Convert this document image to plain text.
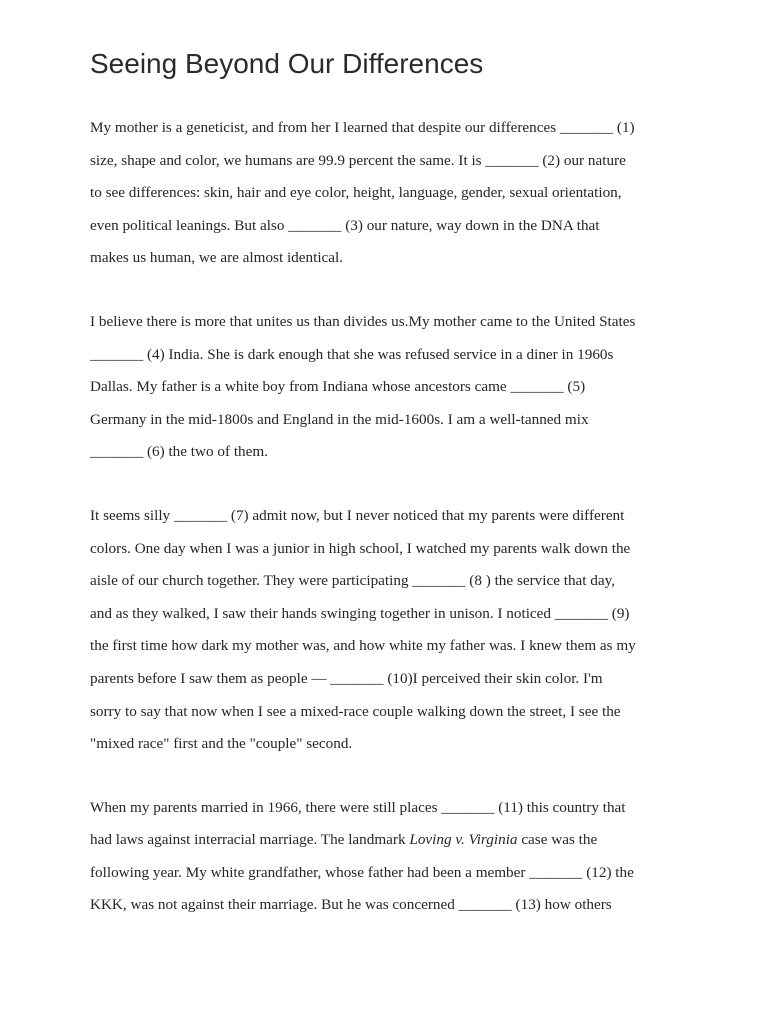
Seeing Beyond Our Differences

My mother is a geneticist, and from her I learned that despite our differences _______ (1)
size, shape and color, we humans are 99.9 percent the same. It is _______ (2) our nature
to see differences: skin, hair and eye color, height, language, gender, sexual orientation,
even political leanings. But also _______ (3) our nature, way down in the DNA that
makes us human, we are almost identical.

I believe there is more that unites us than divides us.My mother came to the United States
_______ (4) India. She is dark enough that she was refused service in a diner in 1960s
Dallas. My father is a white boy from Indiana whose ancestors came _______ (5)
Germany in the mid-1800s and England in the mid-1600s. I am a well-tanned mix
_______ (6) the two of them.

It seems silly _______ (7) admit now, but I never noticed that my parents were different
colors. One day when I was a junior in high school, I watched my parents walk down the
aisle of our church together. They were participating _______ (8 ) the service that day,
and as they walked, I saw their hands swinging together in unison. I noticed _______ (9)
the first time how dark my mother was, and how white my father was. I knew them as my
parents before I saw them as people — _______ (10)I perceived their skin color. I'm
sorry to say that now when I see a mixed-race couple walking down the street, I see the
"mixed race" first and the "couple" second.

When my parents married in 1966, there were still places _______ (11) this country that
had laws against interracial marriage. The landmark Loving v. Virginia case was the
following year. My white grandfather, whose father had been a member _______ (12) the
KKK, was not against their marriage. But he was concerned _______ (13) how others
